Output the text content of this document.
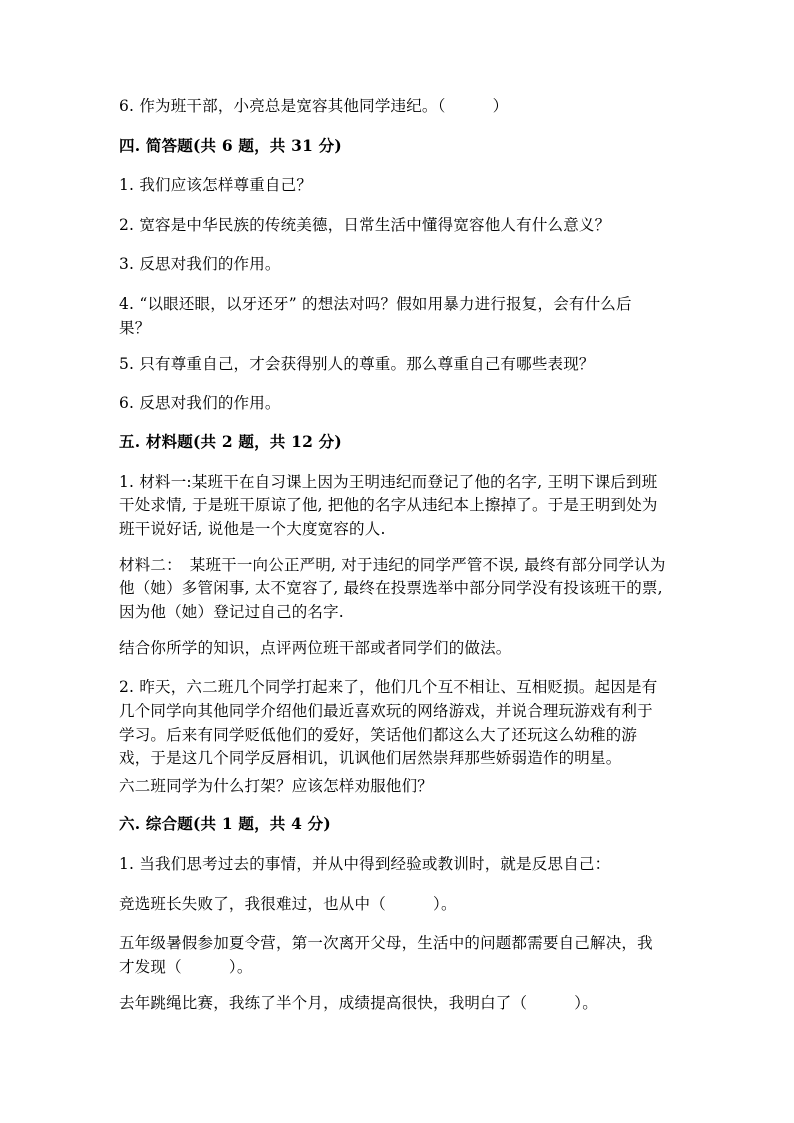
6. 作为班干部，小亮总是宽容其他同学违纪。（　　　）
四. 简答题(共 6 题，共 31 分)
1. 我们应该怎样尊重自己？
2. 宽容是中华民族的传统美德，日常生活中懂得宽容他人有什么意义？
3. 反思对我们的作用。
4. “以眼还眼，以牙还牙” 的想法对吗？假如用暴力进行报复，会有什么后
果？
5. 只有尊重自己，才会获得别人的尊重。那么尊重自己有哪些表现？
6. 反思对我们的作用。
五. 材料题(共 2 题，共 12 分)
1. 材料一:某班干在自习课上因为王明违纪而登记了他的名字, 王明下课后到班
干处求情, 于是班干原谅了他, 把他的名字从违纪本上擦掉了。于是王明到处为
班干说好话, 说他是一个大度宽容的人.
材料二：　某班干一向公正严明, 对于违纪的同学严管不误, 最终有部分同学认为
他（她）多管闲事, 太不宽容了, 最终在投票选举中部分同学没有投该班干的票,
因为他（她）登记过自己的名字.
结合你所学的知识，点评两位班干部或者同学们的做法。
2. 昨天，六二班几个同学打起来了，他们几个互不相让、互相贬损。起因是有
几个同学向其他同学介绍他们最近喜欢玩的网络游戏，并说合理玩游戏有利于
学习。后来有同学贬低他们的爱好，笑话他们都这么大了还玩这么幼稚的游
戏，于是这几个同学反唇相讥，讥讽他们居然崇拜那些娇弱造作的明星。
六二班同学为什么打架？应该怎样劝服他们？
六. 综合题(共 1 题，共 4 分)
1. 当我们思考过去的事情，并从中得到经验或教训时，就是反思自己：
竞选班长失败了，我很难过，也从中（　　　）。
五年级暑假参加夏令营，第一次离开父母，生活中的问题都需要自己解决，我
才发现（　　　）。
去年跳绳比赛，我练了半个月，成绩提高很快，我明白了（　　　）。
